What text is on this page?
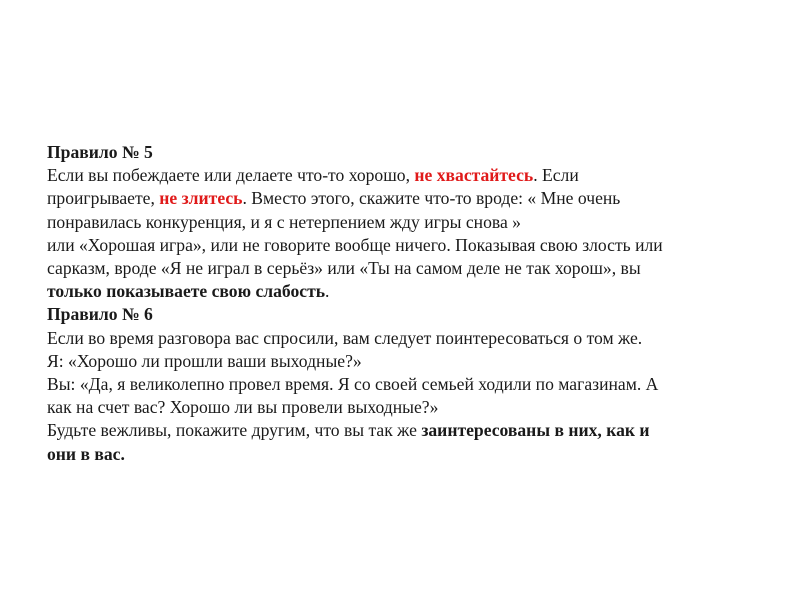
Правило № 5
Если вы побеждаете или делаете что-то хорошо, не хвастайтесь. Если
проигрываете, не злитесь. Вместо этого, скажите что-то вроде: « Мне очень
понравилась конкуренция, и я с нетерпением жду игры снова »
или «Хорошая игра», или не говорите вообще ничего. Показывая свою злость или
сарказм, вроде «Я не играл в серьёз» или «Ты на самом деле не так хорош», вы
только показываете свою слабость.
Правило № 6
Если во время разговора вас спросили, вам следует поинтересоваться о том же.
Я: «Хорошо ли прошли ваши выходные?»
Вы: «Да, я великолепно провел время. Я со своей семьей ходили по магазинам. А
как на счет вас? Хорошо ли вы провели выходные?»
Будьте вежливы, покажите другим, что вы так же заинтересованы в них, как и
они в вас.
